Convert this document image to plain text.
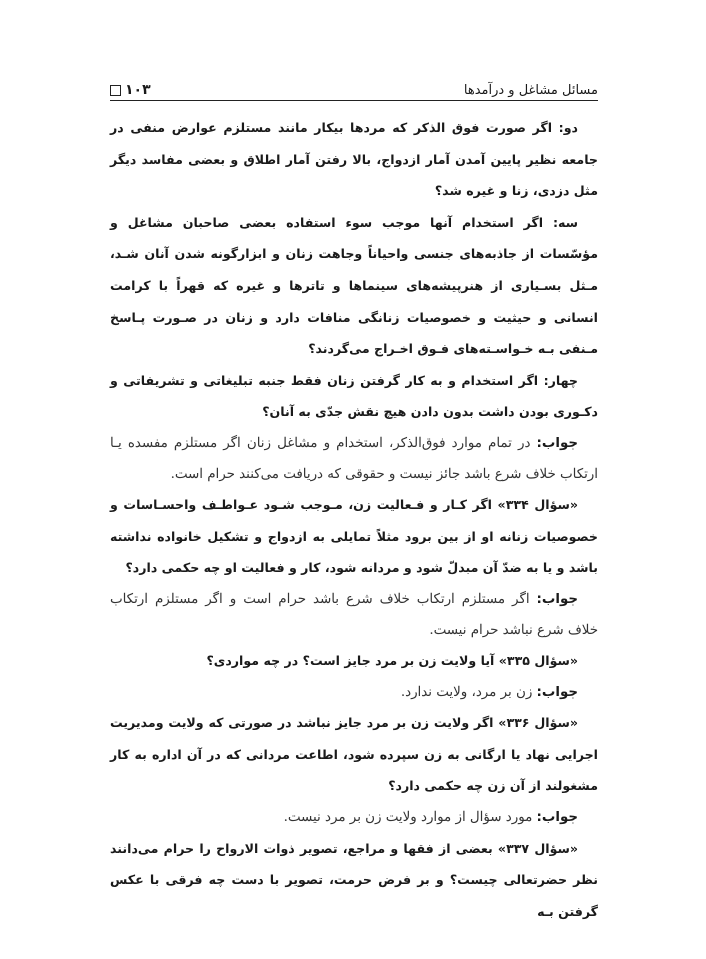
مسائل مشاغل و درآمدها
۱۰۳

دو: اگر صورت فوق الذکر که مردها بیکار مانند مستلزم عوارض منفی در جامعه نظیر پایین آمدن آمار ازدواج، بالا رفتن آمار اطلاق و بعضی مفاسد دیگر مثل دزدی، زنا و غیره شد؟

سه: اگر استخدام آنها موجب سوء استفاده بعضی صاحبان مشاغل و مؤسّسات از جاذبه‌های جنسی واحیاناً وجاهت زنان و ابزارگونه شدن آنان شـد، مـثل بسـیاری از هنرپیشه‌های سینماها و تاترها و غیره که قهراً با کرامت انسانی و حیثیت و خصوصیات زنانگی منافات دارد و زنان در صـورت پـاسخ مـنفی بـه خـواسـته‌های فـوق اخـراج می‌گردند؟

چهار: اگر استخدام و به کار گرفتن زنان فقط جنبه تبلیغاتی و تشریفاتی و دکـوری بودن داشت بدون دادن هیچ نقش جدّی به آنان؟

جواب: در تمام موارد فوق‌الذکر، استخدام و مشاغل زنان اگر مستلزم مفسده یـا ارتکاب خلاف شرع باشد جائز نیست و حقوقی که دریافت می‌کنند حرام است.

«سؤال ۳۳۴» اگر کـار و فـعالیت زن، مـوجب شـود عـواطـف واحسـاسات و خصوصیات زنانه او از بین برود مثلاً تمایلی به ازدواج و تشکیل خانواده نداشته باشد و یا به ضدّ آن مبدلّ شود و مردانه شود، کار و فعالیت او چه حکمی دارد؟

جواب: اگر مستلزم ارتکاب خلاف شرع باشد حرام است و اگر مستلزم ارتکاب خلاف شرع نباشد حرام نیست.

«سؤال ۳۳۵» آیا ولایت زن بر مرد جایز است؟ در چه مواردی؟

جواب: زن بر مرد، ولایت ندارد.

«سؤال ۳۳۶» اگر ولایت زن بر مرد جایز نباشد در صورتی که ولایت ومدیریت اجرایی نهاد یا ارگانی به زن سپرده شود، اطاعت مردانی که در آن اداره به کار مشغولند از آن زن چه حکمی دارد؟

جواب: مورد سؤال از موارد ولایت زن بر مرد نیست.

«سؤال ۳۳۷» بعضی از فقها و مراجع، تصویر ذوات الارواح را حرام می‌دانند نظر حضرتعالی چیست؟ و بر فرض حرمت، تصویر با دست چه فرقی با عکس گرفتن بـه
